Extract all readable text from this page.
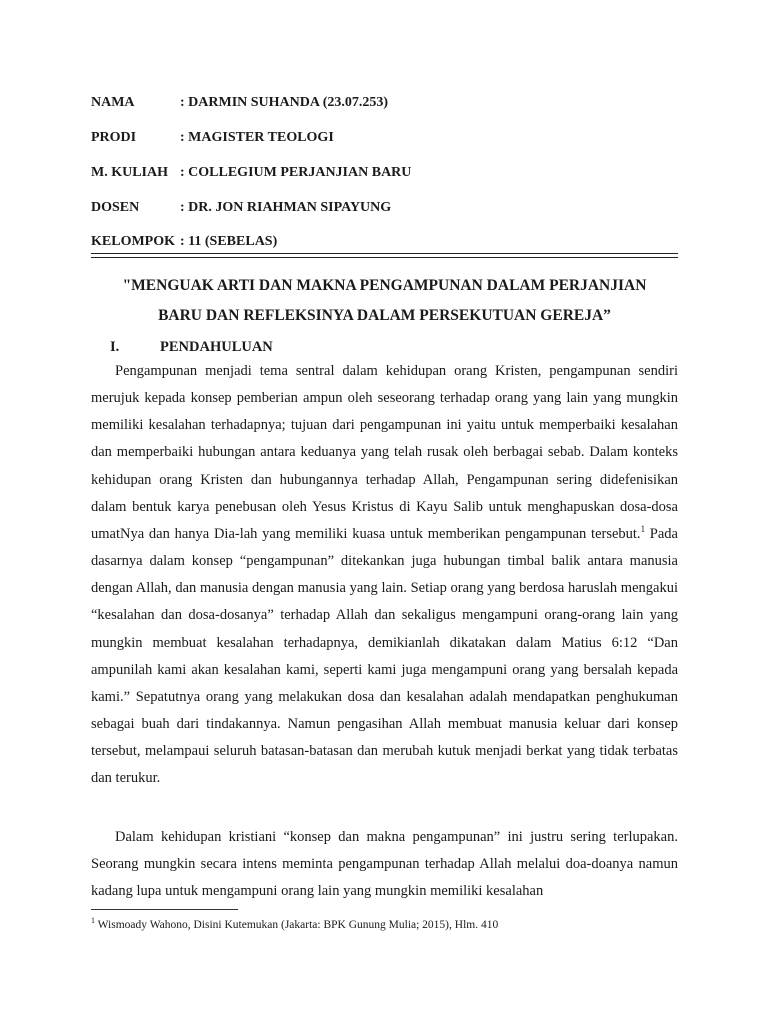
NAMA	: DARMIN SUHANDA (23.07.253)
PRODI	: MAGISTER TEOLOGI
M. KULIAH : COLLEGIUM PERJANJIAN BARU
DOSEN	: DR. JON RIAHMAN SIPAYUNG
KELOMPOK : 11 (SEBELAS)
"MENGUAK ARTI DAN MAKNA PENGAMPUNAN DALAM PERJANJIAN
BARU DAN REFLEKSINYA DALAM PERSEKUTUAN GEREJA”
I.	PENDAHULUAN

Pengampunan menjadi tema sentral dalam kehidupan orang Kristen, pengampunan sendiri merujuk kepada konsep pemberian ampun oleh seseorang terhadap orang yang lain yang mungkin memiliki kesalahan terhadapnya; tujuan dari pengampunan ini yaitu untuk memperbaiki kesalahan dan memperbaiki hubungan antara keduanya yang telah rusak oleh berbagai sebab. Dalam konteks kehidupan orang Kristen dan hubungannya terhadap Allah, Pengampunan sering didefenisikan dalam bentuk karya penebusan oleh Yesus Kristus di Kayu Salib untuk menghapuskan dosa-dosa umatNya dan hanya Dia-lah yang memiliki kuasa untuk memberikan pengampunan tersebut.$^1$ Pada dasarnya dalam konsep “pengampunan” ditekankan juga hubungan timbal balik antara manusia dengan Allah, dan manusia dengan manusia yang lain. Setiap orang yang berdosa haruslah mengakui “kesalahan dan dosa-dosanya” terhadap Allah dan sekaligus mengampuni orang-orang lain yang mungkin membuat kesalahan terhadapnya, demikianlah dikatakan dalam Matius 6:12 “Dan ampunilah kami akan kesalahan kami, seperti kami juga mengampuni orang yang bersalah kepada kami.” Sepatutnya orang yang melakukan dosa dan kesalahan adalah mendapatkan penghukuman sebagai buah dari tindakannya. Namun pengasihan Allah membuat manusia keluar dari konsep tersebut, melampaui seluruh batasan-batasan dan merubah kutuk menjadi berkat yang tidak terbatas dan terukur.

Dalam kehidupan kristiani “konsep dan makna pengampunan” ini justru sering terlupakan. Seorang mungkin secara intens meminta pengampunan terhadap Allah melalui doa-doanya namun kadang lupa untuk mengampuni orang lain yang mungkin memiliki kesalahan

$^1$ Wismoady Wahono, Disini Kutemukan (Jakarta: BPK Gunung Mulia; 2015), Hlm. 410
